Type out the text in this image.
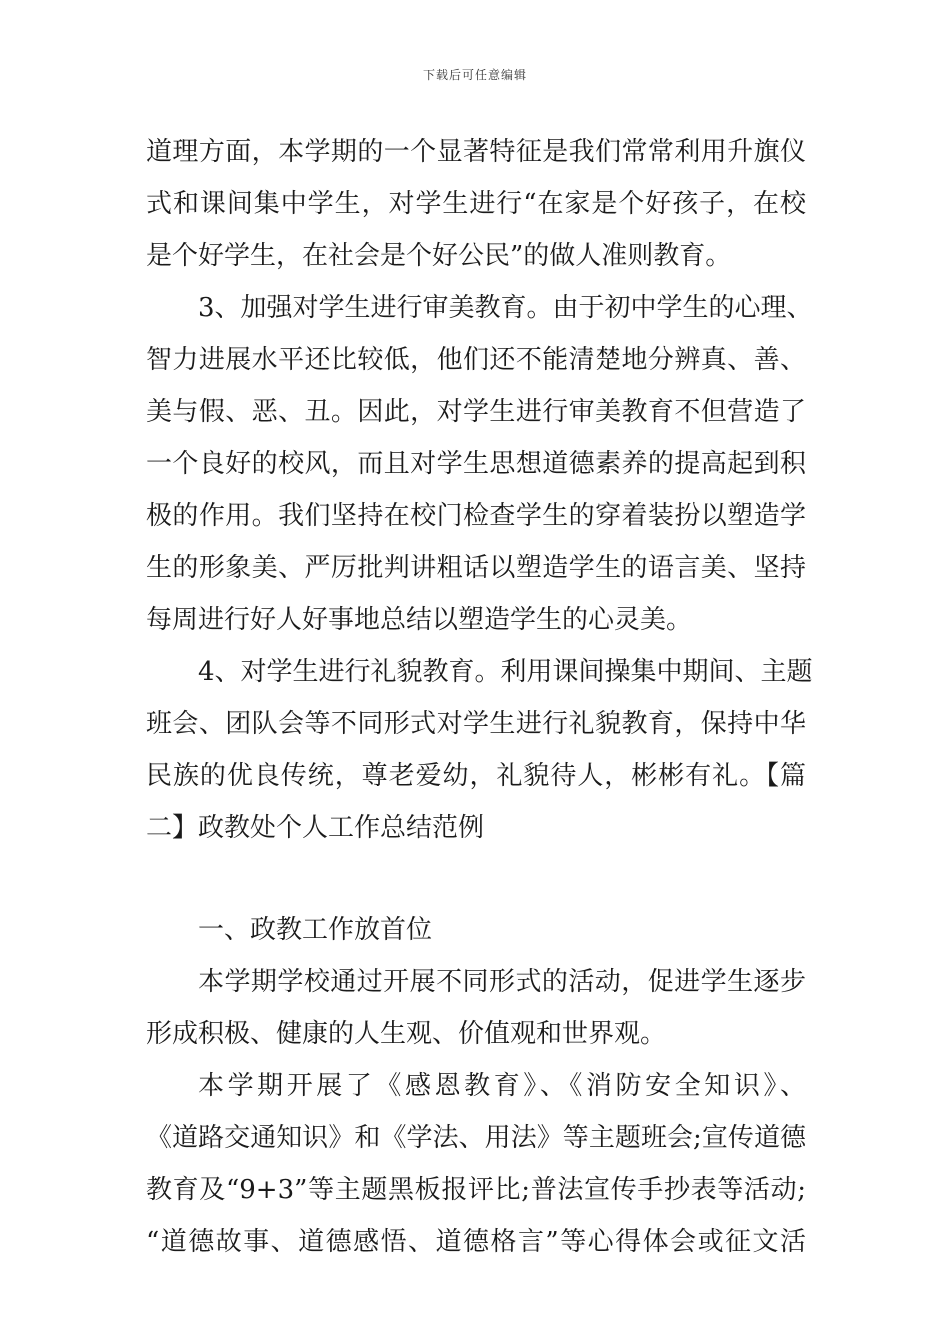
下载后可任意编辑
道理方面，本学期的一个显著特征是我们常常利用升旗仪
式和课间集中学生，对学生进行“在家是个好孩子，在校
是个好学生，在社会是个好公民”的做人准则教育。
3、加强对学生进行审美教育。由于初中学生的心理、
智力进展水平还比较低，他们还不能清楚地分辨真、善、
美与假、恶、丑。因此，对学生进行审美教育不但营造了
一个良好的校风，而且对学生思想道德素养的提高起到积
极的作用。我们坚持在校门检查学生的穿着装扮以塑造学
生的形象美、严厉批判讲粗话以塑造学生的语言美、坚持
每周进行好人好事地总结以塑造学生的心灵美。
4、对学生进行礼貌教育。利用课间操集中期间、主题
班会、团队会等不同形式对学生进行礼貌教育，保持中华
民族的优良传统，尊老爱幼，礼貌待人，彬彬有礼。【篇
二】政教处个人工作总结范例
一、政教工作放首位
本学期学校通过开展不同形式的活动，促进学生逐步
形成积极、健康的人生观、价值观和世界观。
本学期开展了《感恩教育》、《消防安全知识》、
《道路交通知识》和《学法、用法》等主题班会;宣传道德
教育及“9+3”等主题黑板报评比;普法宣传手抄表等活动;
“道德故事、道德感悟、道德格言”等心得体会或征文活
